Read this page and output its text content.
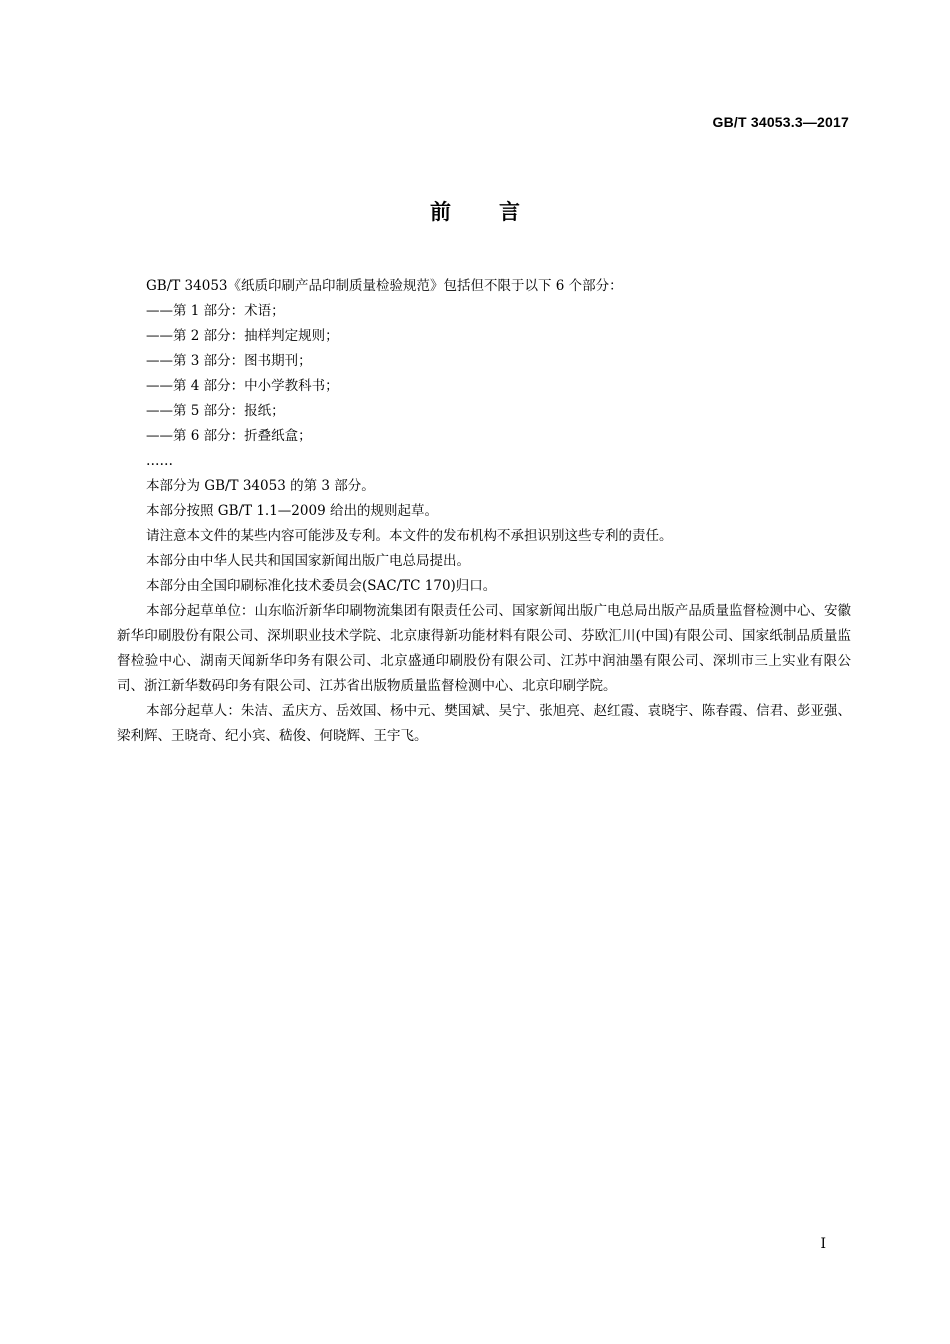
GB/T 34053.3—2017
前言

GB/T 34053《纸质印刷产品印制质量检验规范》包括但不限于以下 6 个部分：

——第 1 部分：术语；

——第 2 部分：抽样判定规则；

——第 3 部分：图书期刊；

——第 4 部分：中小学教科书；

——第 5 部分：报纸；

——第 6 部分：折叠纸盒；

……

本部分为 GB/T 34053 的第 3 部分。

本部分按照 GB/T 1.1—2009 给出的规则起草。

请注意本文件的某些内容可能涉及专利。本文件的发布机构不承担识别这些专利的责任。

本部分由中华人民共和国国家新闻出版广电总局提出。

本部分由全国印刷标准化技术委员会(SAC/TC 170)归口。

本部分起草单位：山东临沂新华印刷物流集团有限责任公司、国家新闻出版广电总局出版产品质量监督检测中心、安徽新华印刷股份有限公司、深圳职业技术学院、北京康得新功能材料有限公司、芬欧汇川(中国)有限公司、国家纸制品质量监督检验中心、湖南天闻新华印务有限公司、北京盛通印刷股份有限公司、江苏中润油墨有限公司、深圳市三上实业有限公司、浙江新华数码印务有限公司、江苏省出版物质量监督检测中心、北京印刷学院。

本部分起草人：朱洁、孟庆方、岳效国、杨中元、樊国斌、吴宁、张旭亮、赵红霞、袁晓宇、陈春霞、信君、彭亚强、梁利辉、王晓奇、纪小宾、嵇俊、何晓辉、王宇飞。

I
